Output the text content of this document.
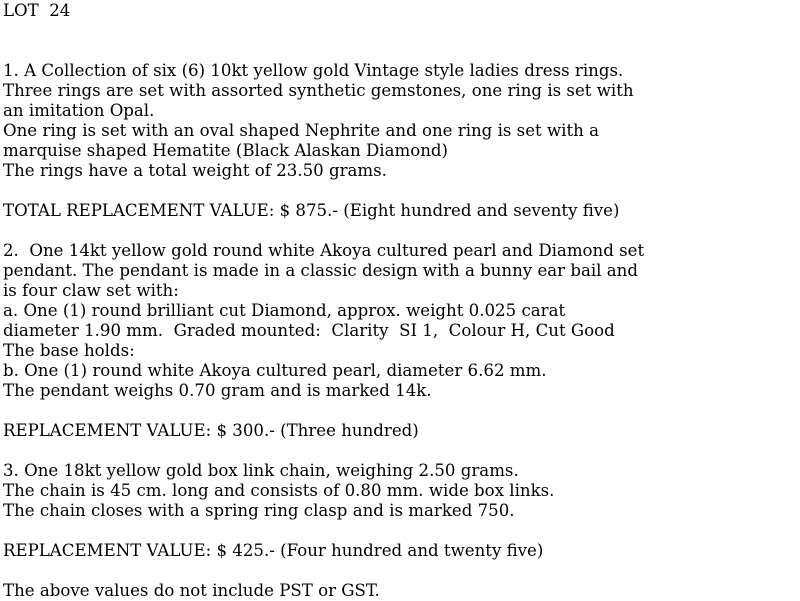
LOT  24
1. A Collection of six (6) 10kt yellow gold Vintage style ladies dress rings.
Three rings are set with assorted synthetic gemstones, one ring is set with
an imitation Opal.
One ring is set with an oval shaped Nephrite and one ring is set with a
marquise shaped Hematite (Black Alaskan Diamond)
The rings have a total weight of 23.50 grams.
TOTAL REPLACEMENT VALUE: $ 875.- (Eight hundred and seventy five)
2.  One 14kt yellow gold round white Akoya cultured pearl and Diamond set
pendant. The pendant is made in a classic design with a bunny ear bail and
is four claw set with:
a. One (1) round brilliant cut Diamond, approx. weight 0.025 carat
diameter 1.90 mm.  Graded mounted:  Clarity  SI 1,  Colour H, Cut Good
The base holds:
b. One (1) round white Akoya cultured pearl, diameter 6.62 mm.
The pendant weighs 0.70 gram and is marked 14k.
REPLACEMENT VALUE: $ 300.- (Three hundred)
3. One 18kt yellow gold box link chain, weighing 2.50 grams.
The chain is 45 cm. long and consists of 0.80 mm. wide box links.
The chain closes with a spring ring clasp and is marked 750.
REPLACEMENT VALUE: $ 425.- (Four hundred and twenty five)
The above values do not include PST or GST.
